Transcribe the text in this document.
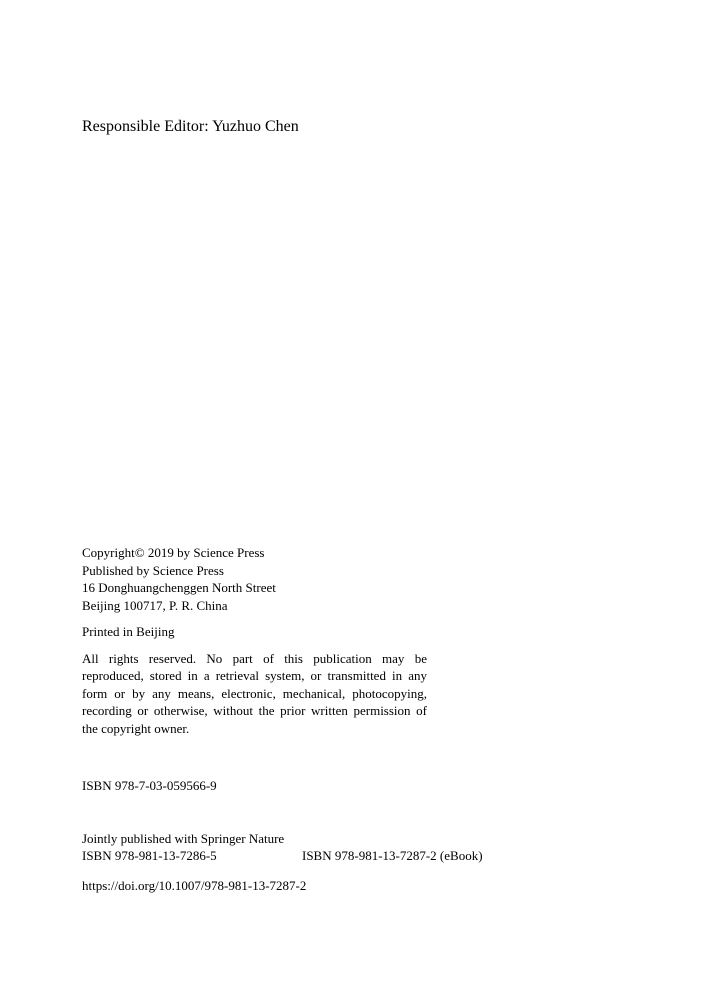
Responsible Editor: Yuzhuo Chen

Copyright© 2019 by Science Press

Published by Science Press

16 Donghuangchenggen North Street

Beijing 100717, P. R. China

Printed in Beijing

All rights reserved. No part of this publication may be reproduced, stored in a retrieval system, or transmitted in any form or by any means, electronic, mechanical, photocopying, recording or otherwise, without the prior written permission of the copyright owner.

ISBN 978-7-03-059566-9

Jointly published with Springer Nature

ISBN 978-981-13-7286-5	ISBN 978-981-13-7287-2 (eBook)

https://doi.org/10.1007/978-981-13-7287-2
